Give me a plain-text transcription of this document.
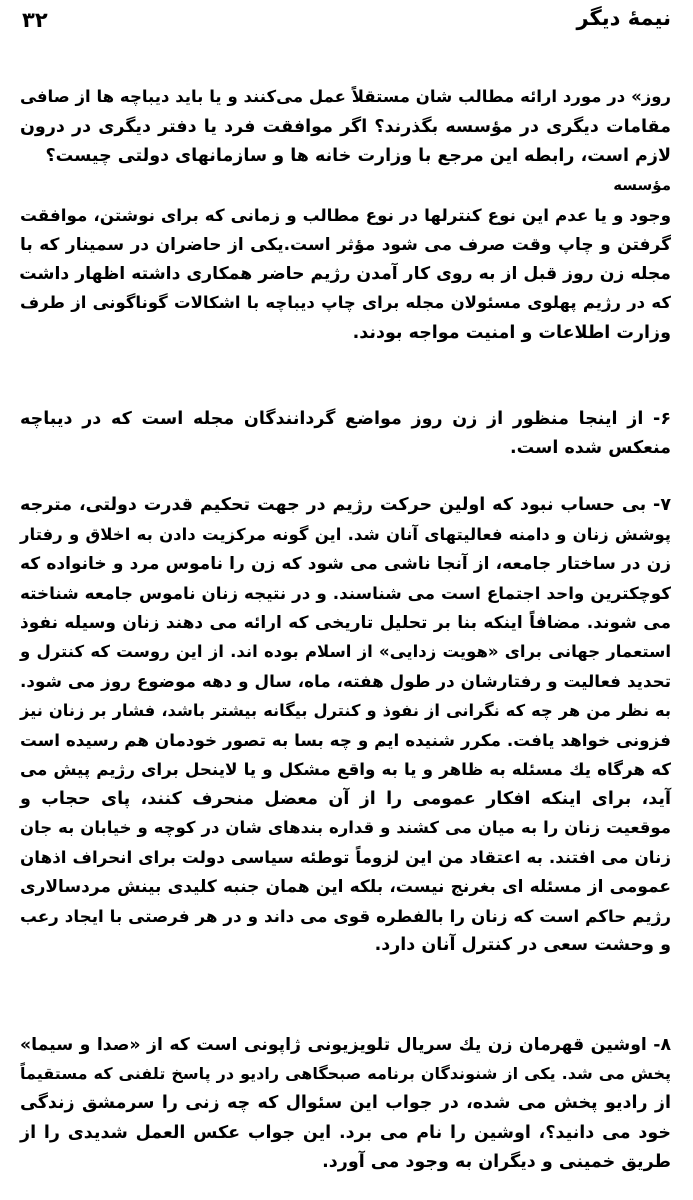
نیمهٔ دیگر
۳۲
روز» در مورد ارائه مطالب شان مستقلاً عمل می‌کنند و یا باید دیباچه ها از صافی
مقامات دیگری در مؤسسه بگذرند؟ اگر موافقت فرد یا دفتر دیگری در درون
لازم است، رابطه این مرجع با وزارت خانه ها و سازمانهای دولتی چیست؟
مؤسسه
وجود و یا عدم این نوع کنترلها در نوع مطالب و زمانی که برای نوشتن، موافقت
گرفتن و چاپ وقت صرف می شود مؤثر است.یکی از حاضران در سمینار که با
مجله زن روز قبل از به روی کار آمدن رژیم حاضر همکاری داشته اظهار داشت
که در رژیم پهلوی مسئولان مجله برای چاپ دیباچه با اشکالات گوناگونی از طرف
وزارت اطلاعات و امنیت مواجه بودند.
۶- از اینجا منظور از زن روز مواضع گردانندگان مجله است که در دیباچه
منعکس شده است.
۷- بی حساب نبود که اولین حرکت رژیم در جهت تحکیم قدرت دولتی، مترجه
پوشش زنان و دامنه فعالیتهای آنان شد. این گونه مرکزیت دادن به اخلاق و رفتار
زن در ساختار جامعه، از آنجا ناشی می شود که زن را ناموس مرد و خانواده که
کوچکترین واحد اجتماع است می شناسند. و در نتیجه زنان ناموس جامعه شناخته
می شوند. مضافاً اینکه بنا بر تحلیل تاریخی که ارائه می دهند زنان وسیله نفوذ
استعمار جهانی برای «هویت زدایی» از اسلام بوده اند. از این روست که کنترل و
تحدید فعالیت و رفتارشان در طول هفته، ماه، سال و دهه موضوع روز می شود.
به نظر من هر چه که نگرانی از نفوذ و کنترل بیگانه بیشتر باشد، فشار بر زنان نیز
فزونی خواهد یافت. مکرر شنیده ایم و چه بسا به تصور خودمان هم رسیده است
که هرگاه یك مسئله به ظاهر و یا به واقع مشکل و یا لاینحل برای رژیم پیش می
آید، برای اینکه افکار عمومی را از آن معضل منحرف کنند، پای حجاب و
موقعیت زنان را به میان می کشند و قداره بندهای شان در کوچه و خیابان به جان
زنان می افتند. به اعتقاد من این لزوماً توطئه سیاسی دولت برای انحراف اذهان
عمومی از مسئله ای بغرنج نیست، بلکه این همان جنبه کلیدی بینش مردسالاری
رژیم حاکم است که زنان را بالفطره قوی می داند و در هر فرصتی با ایجاد رعب
و وحشت سعی در کنترل آنان دارد.
۸- اوشین قهرمان زن یك سریال تلویزیونی ژاپونی است که از «صدا و سیما»
پخش می شد. یکی از شنوندگان برنامه صبحگاهی رادیو در پاسخ تلفنی که مستقیماً
از رادیو پخش می شده، در جواب این سئوال که چه زنی را سرمشق زندگی
خود می دانید؟، اوشین را نام می برد. این جواب عکس العمل شدیدی را از
طریق خمینی و دیگران به وجود می آورد.
